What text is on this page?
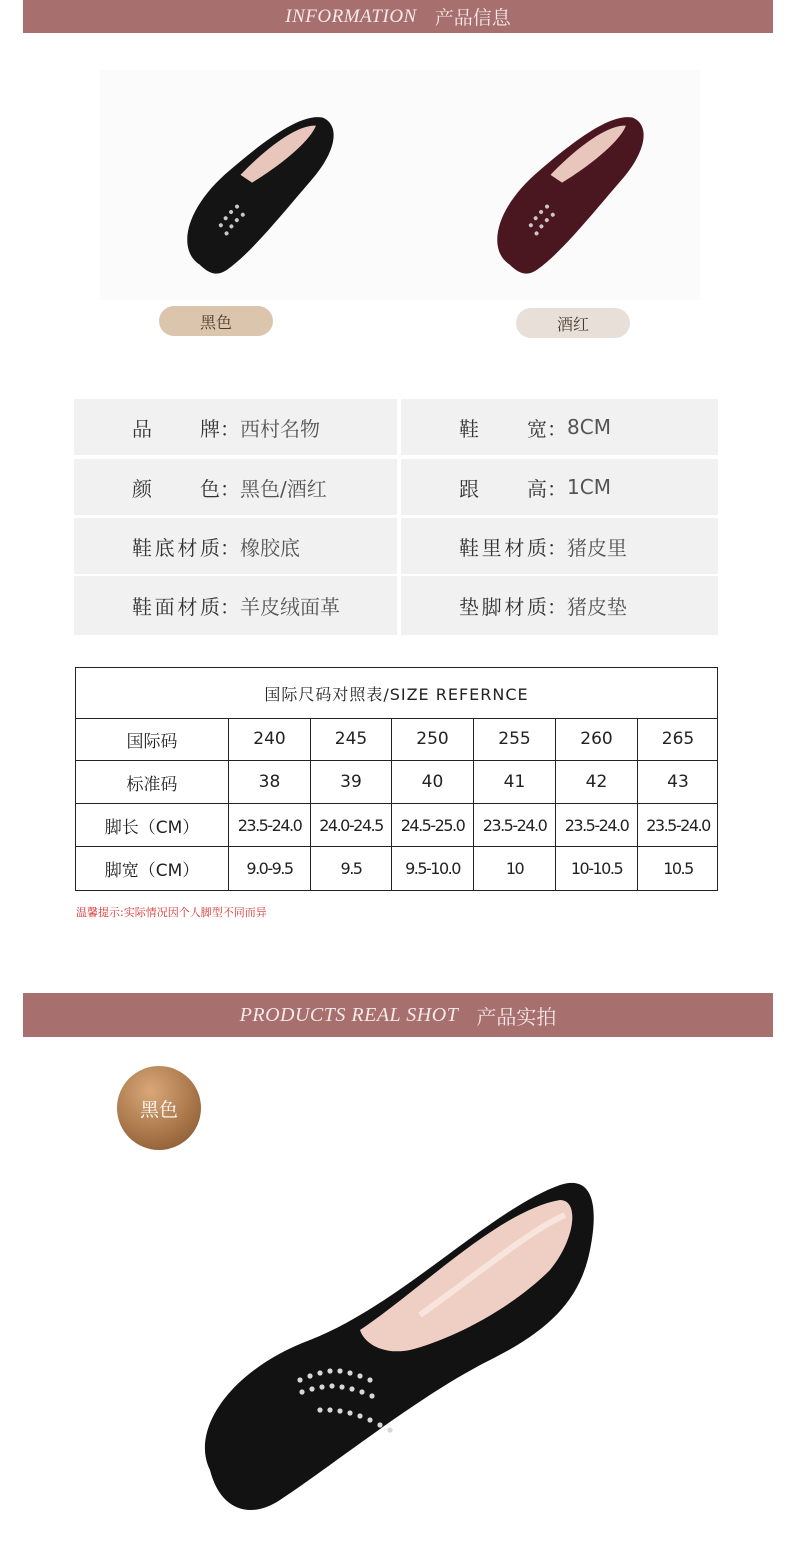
INFORMATION 产品信息
黑色	酒红
品牌 ： 西村名物	鞋宽 ： 8CM
颜色 ： 黑色/酒红	跟高 ： 1CM
鞋底材质 ： 橡胶底	鞋里材质 ： 猪皮里
鞋面材质 ： 羊皮绒面革	垫脚材质 ： 猪皮垫
国际尺码对照表/SIZE REFERNCE
国际码	240	245	250	255	260	265
标准码	38	39	40	41	42	43
脚长（CM）	23.5-24.0	24.0-24.5	24.5-25.0	23.5-24.0	23.5-24.0	23.5-24.0
脚宽（CM）	9.0-9.5	9.5	9.5-10.0	10	10-10.5	10.5
温馨提示:实际情况因个人脚型不同而异
PRODUCTS REAL SHOT 产品实拍
黑色
